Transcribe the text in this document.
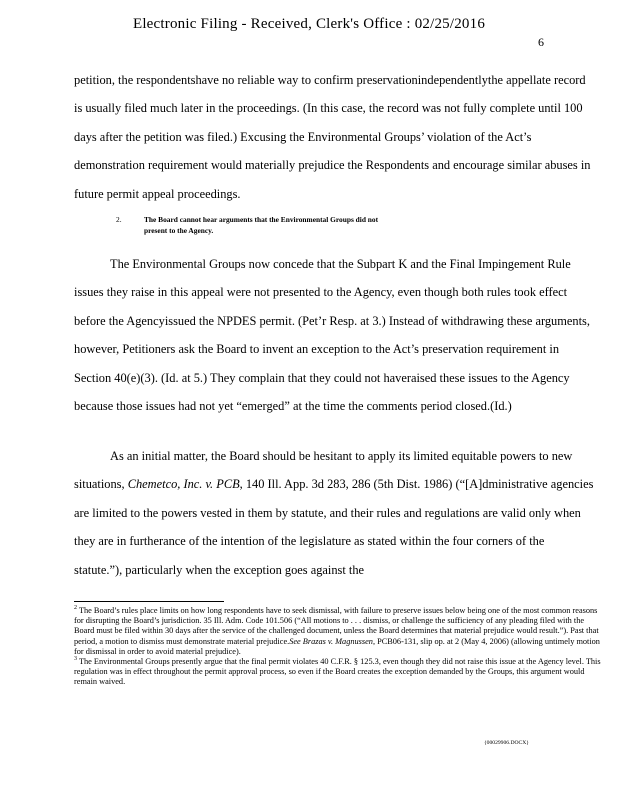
Electronic Filing - Received, Clerk's Office : 02/25/2016
6

petition, the respondentshave no reliable way to confirm preservationindependentlythe appellate record is usually filed much later in the proceedings. (In this case, the record was not fully complete until 100 days after the petition was filed.) Excusing the Environmental Groups’ violation of the Act’s demonstration requirement would materially prejudice the Respondents and encourage similar abuses in future permit appeal proceedings.

2.	The Board cannot hear arguments that the Environmental Groups did not
present to the Agency.

The Environmental Groups now concede that the Subpart K and the Final Impingement Rule issues they raise in this appeal were not presented to the Agency, even though both rules took effect before the Agencyissued the NPDES permit. (Pet’r Resp. at 3.) Instead of withdrawing these arguments, however, Petitioners ask the Board to invent an exception to the Act’s preservation requirement in Section 40(e)(3). (Id. at 5.) They complain that they could not haveraised these issues to the Agency because those issues had not yet “emerged” at the time the comments period closed.(Id.)

As an initial matter, the Board should be hesitant to apply its limited equitable powers to new situations, Chemetco, Inc. v. PCB, 140 Ill. App. 3d 283, 286 (5th Dist. 1986) (“[A]dministrative agencies are limited to the powers vested in them by statute, and their rules and regulations are valid only when they are in furtherance of the intention of the legislature as stated within the four corners of the statute.”), particularly when the exception goes against the

$^2$ The Board’s rules place limits on how long respondents have to seek dismissal, with failure to preserve issues below being one of the most common reasons for disrupting the Board’s jurisdiction. 35 Ill. Adm. Code 101.506 (“All motions to . . . dismiss, or challenge the sufficiency of any pleading filed with the Board must be filed within 30 days after the service of the challenged document, unless the Board determines that material prejudice would result.”). Past that period, a motion to dismiss must demonstrate material prejudice.See Brazas v. Magnussen, PCB06-131, slip op. at 2 (May 4, 2006) (allowing untimely motion for dismissal in order to avoid material prejudice).

$^3$ The Environmental Groups presently argue that the final permit violates 40 C.F.R. § 125.3, even though they did not raise this issue at the Agency level. This regulation was in effect throughout the permit approval process, so even if the Board creates the exception demanded by the Groups, this argument would remain waived.

{00029906.DOCX}
